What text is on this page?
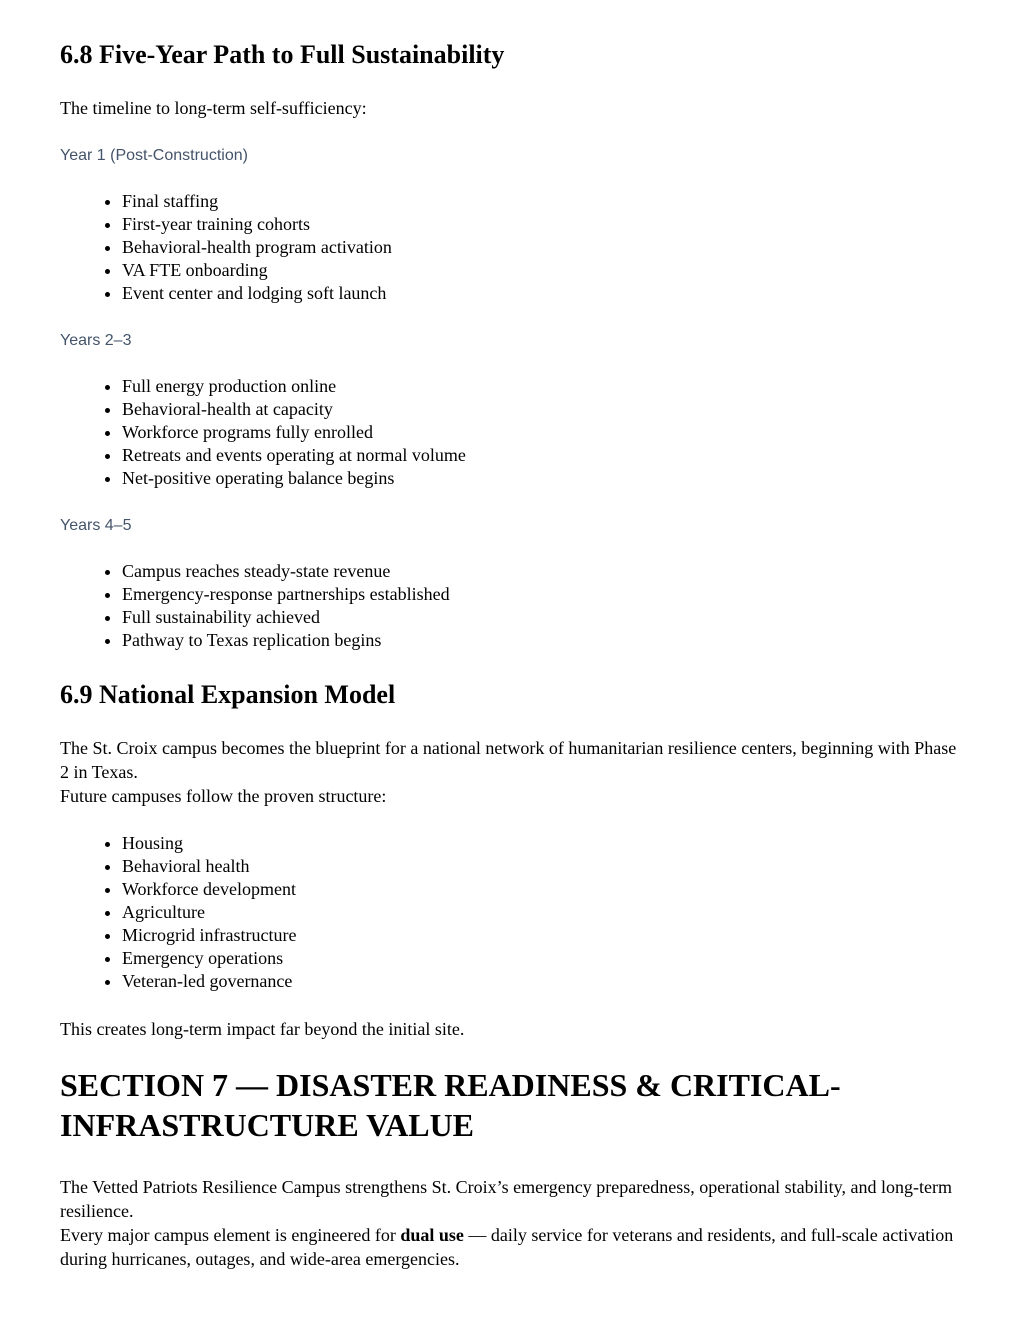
6.8 Five-Year Path to Full Sustainability

The timeline to long-term self-sufficiency:

Year 1 (Post-Construction)
• Final staffing
• First-year training cohorts
• Behavioral-health program activation
• VA FTE onboarding
• Event center and lodging soft launch
Years 2–3
• Full energy production online
• Behavioral-health at capacity
• Workforce programs fully enrolled
• Retreats and events operating at normal volume
• Net-positive operating balance begins
Years 4–5
• Campus reaches steady-state revenue
• Emergency-response partnerships established
• Full sustainability achieved
• Pathway to Texas replication begins
6.9 National Expansion Model

The St. Croix campus becomes the blueprint for a national network of humanitarian resilience centers, beginning with Phase 2 in Texas.
Future campuses follow the proven structure:

• Housing
• Behavioral health
• Workforce development
• Agriculture
• Microgrid infrastructure
• Emergency operations
• Veteran-led governance

This creates long-term impact far beyond the initial site.

SECTION 7 — DISASTER READINESS & CRITICAL-INFRASTRUCTURE VALUE

The Vetted Patriots Resilience Campus strengthens St. Croix’s emergency preparedness, operational stability, and long-term resilience.
Every major campus element is engineered for dual use — daily service for veterans and residents, and full-scale activation during hurricanes, outages, and wide-area emergencies.
